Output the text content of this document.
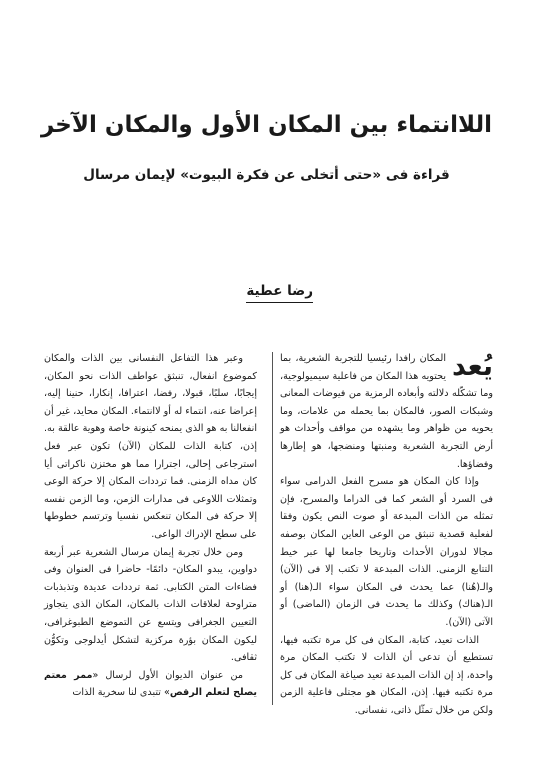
اللاانتماء بين المكان الأول والمكان الآخر
قراءة فى «حتى أتخلى عن فكرة البيوت» لإيمان مرسال
رضا عطية

يُعد
المكان رافدا رئيسيا للتجربة الشعرية، بما يحتويه هذا المكان من فاعلية سيميولوجية، وما تشكّله دلالته وأبعاده الرمزية من فيوضات المعانى وشبكات الصور، فالمكان بما يحمله من علامات، وما يحويه من ظواهر وما يشهده من مواقف وأحداث هو أرض التجربة الشعرية ومنبتها ومنضجها، هو إطارها وفضاؤها.

وإذا كان المكان هو مسرح الفعل الدرامى سواء فى السرد أو الشعر كما فى الدراما والمسرح، فإن تمثله من الذات المبدعة أو صوت النص يكون وفقا لفعلية قصدية تنبثق من الوعى العاين المكان بوصفه مجالا لدوران الأحداث وتاريخا جامعا لها عبر خيط التتابع الزمنى. الذات المبدعة لا تكتب إلا فى (الآن) والـ(هُنا) عما يحدث فى المكان سواء الـ(هنا) أو الـ(هناك) وكذلك ما يحدث فى الزمان (الماضى) أو الآتى (الآن).

الذات تعيد، كتابة، المكان فى كل مرة تكتبه فيها، تستطيع أن تدعى أن الذات لا تكتب المكان مرة واحدة، إذ إن الذات المبدعة تعيد صياغة المكان فى كل مرة تكتبه فيها. إذن، المكان هو مجتلى فاعلية الزمن ولكن من خلال تمثّل ذاتى، نفسانى.

وعبر هذا التفاعل النفسانى بين الذات والمكان كموضوع انفعال، تنبثق عواطف الذات نحو المكان، إيجابًا، سلبًا، قبولا، رفضا، اعترافا، إنكارا، حنينا إليه، إعراضا عنه، انتماء له أو لاانتماء. المكان محايد، غير أن انفعالنا به هو الذى يمنحه كينونة خاصة وهوية عالقة به. إذن، كتابة الذات للمكان (الآن) تكون عبر فعل استرجاعى إحالى، اجترارا مما هو مختزن ناكراتى أيا كان مداه الزمنى. فما ترددات المكان إلا حركة الوعى وتمثلات اللاوعى فى مدارات الزمن، وما الزمن نفسه إلا حركة فى المكان تنعكس نفسيا وترتسم خطوطها على سطح الإدراك الواعى.

ومن خلال تجربة إيمان مرسال الشعرية عبر أربعة دواوين، يبدو المكان- دائمًا- حاضرا فى العنوان وفى فضاءات المتن الكتابى. ثمة ترددات عديدة وتذبذبات متراوحة لعلاقات الذات بالمكان، المكان الذى يتجاوز التعيين الجغرافى ويتسع عن التموضع الطبوغرافى، ليكون المكان بؤرة مركزية لتشكل أيدلوجى وتكوُّن ثقافى.

من عنوان الديوان الأول لرسال «ممر معتم يصلح لتعلم الرقص» تتبدى لنا سخرية الذات
